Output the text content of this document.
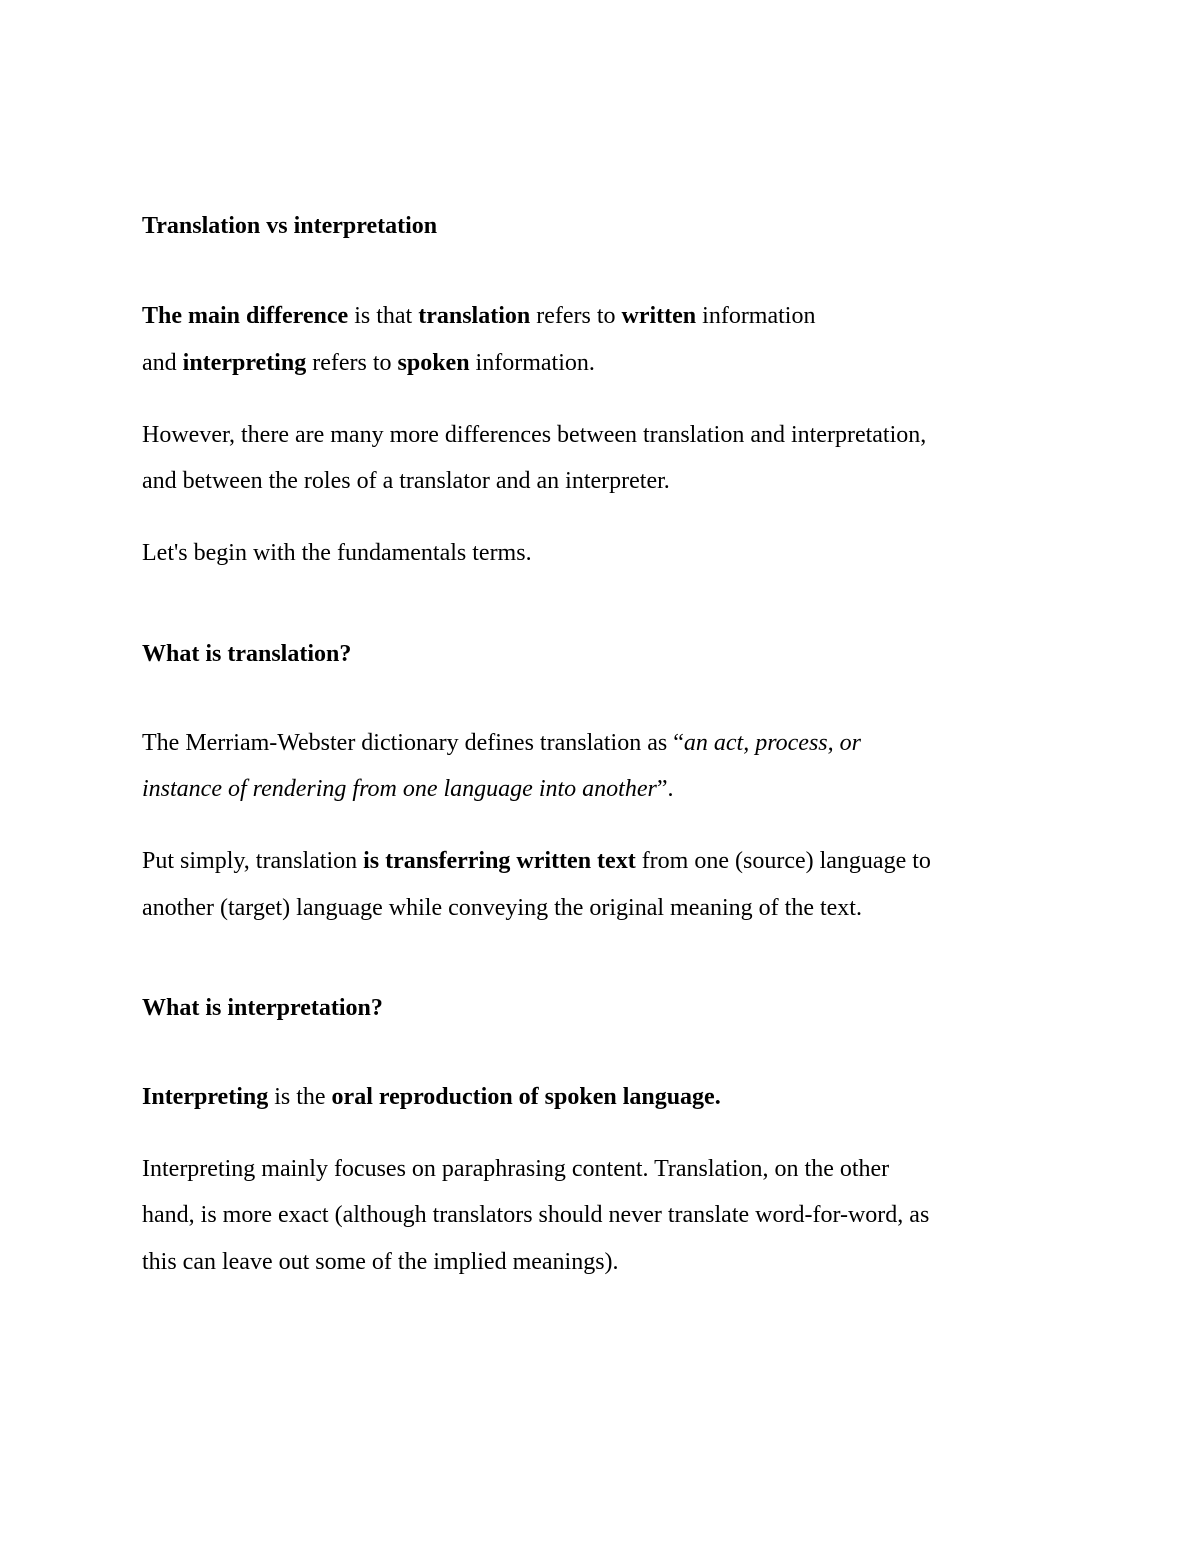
Translation vs interpretation
The main difference is that translation refers to written information
and interpreting refers to spoken information.
However, there are many more differences between translation and interpretation,
and between the roles of a translator and an interpreter.
Let's begin with the fundamentals terms.
What is translation?
The Merriam-Webster dictionary defines translation as “an act, process, or
instance of rendering from one language into another”.
Put simply, translation is transferring written text from one (source) language to
another (target) language while conveying the original meaning of the text.
What is interpretation?
Interpreting is the oral reproduction of spoken language.
Interpreting mainly focuses on paraphrasing content. Translation, on the other
hand, is more exact (although translators should never translate word-for-word, as
this can leave out some of the implied meanings).
